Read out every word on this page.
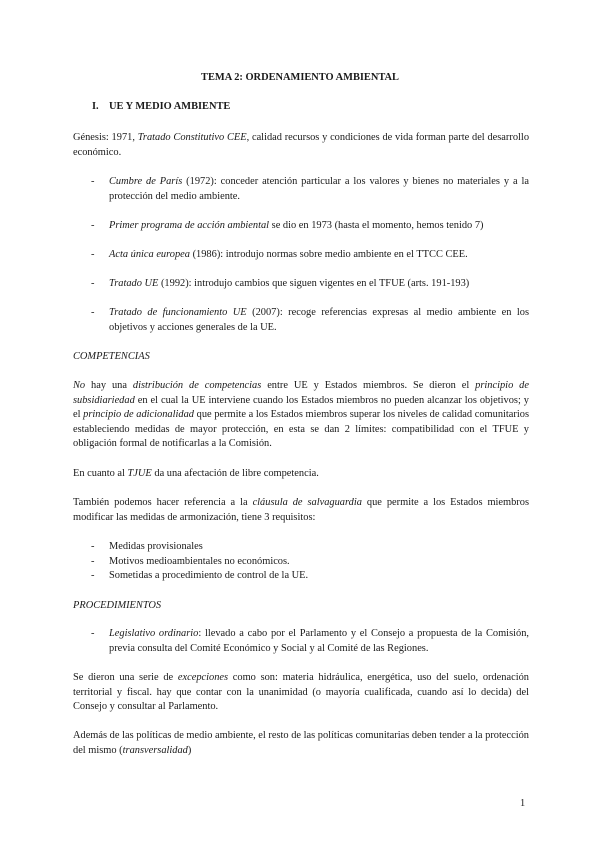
TEMA 2: ORDENAMIENTO AMBIENTAL
I. UE Y MEDIO AMBIENTE

Génesis: 1971, Tratado Constitutivo CEE, calidad recursos y condiciones de vida forman parte del desarrollo económico.

- Cumbre de París (1972): conceder atención particular a los valores y bienes no materiales y a la protección del medio ambiente.
- Primer programa de acción ambiental se dio en 1973 (hasta el momento, hemos tenido 7)
- Acta única europea (1986): introdujo normas sobre medio ambiente en el TTCC CEE.
- Tratado UE (1992): introdujo cambios que siguen vigentes en el TFUE (arts. 191-193)
- Tratado de funcionamiento UE (2007): recoge referencias expresas al medio ambiente en los objetivos y acciones generales de la UE.
COMPETENCIAS

No hay una distribución de competencias entre UE y Estados miembros. Se dieron el principio de subsidiariedad en el cual la UE interviene cuando los Estados miembros no pueden alcanzar los objetivos; y el principio de adicionalidad que permite a los Estados miembros superar los niveles de calidad comunitarios estableciendo medidas de mayor protección, en esta se dan 2 límites: compatibilidad con el TFUE y obligación formal de notificarlas a la Comisión.

En cuanto al TJUE da una afectación de libre competencia.

También podemos hacer referencia a la cláusula de salvaguardia que permite a los Estados miembros modificar las medidas de armonización, tiene 3 requisitos:

- Medidas provisionales
- Motivos medioambientales no económicos.
- Sometidas a procedimiento de control de la UE.
PROCEDIMIENTOS
- Legislativo ordinario: llevado a cabo por el Parlamento y el Consejo a propuesta de la Comisión, previa consulta del Comité Económico y Social y al Comité de las Regiones.

Se dieron una serie de excepciones como son: materia hidráulica, energética, uso del suelo, ordenación territorial y fiscal. hay que contar con la unanimidad (o mayoría cualificada, cuando así lo decida) del Consejo y consultar al Parlamento.

Además de las políticas de medio ambiente, el resto de las políticas comunitarias deben tender a la protección del mismo (transversalidad)

1
